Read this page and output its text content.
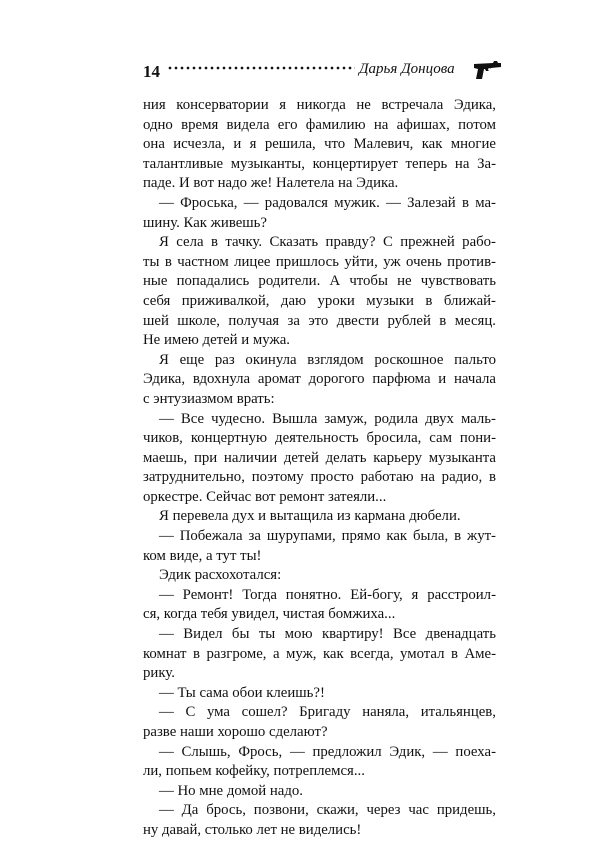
14	Дарья Донцова
ния консерватории я никогда не встречала Эдика,
одно время видела его фамилию на афишах, потом
она исчезла, и я решила, что Малевич, как многие
талантливые музыканты, концертирует теперь на За-
паде. И вот надо же! Налетела на Эдика.
— Фроська, — радовался мужик. — Залезай в ма-
шину. Как живешь?
Я села в тачку. Сказать правду? С прежней рабо-
ты в частном лицее пришлось уйти, уж очень против-
ные попадались родители. А чтобы не чувствовать
себя приживалкой, даю уроки музыки в ближай-
шей школе, получая за это двести рублей в месяц.
Не имею детей и мужа.
Я еще раз окинула взглядом роскошное пальто
Эдика, вдохнула аромат дорогого парфюма и начала
с энтузиазмом врать:
— Все чудесно. Вышла замуж, родила двух маль-
чиков, концертную деятельность бросила, сам пони-
маешь, при наличии детей делать карьеру музыканта
затруднительно, поэтому просто работаю на радио, в
оркестре. Сейчас вот ремонт затеяли...
Я перевела дух и вытащила из кармана дюбели.
— Побежала за шурупами, прямо как была, в жут-
ком виде, а тут ты!
Эдик расхохотался:
— Ремонт! Тогда понятно. Ей-богу, я расстроил-
ся, когда тебя увидел, чистая бомжиха...
— Видел бы ты мою квартиру! Все двенадцать
комнат в разгроме, а муж, как всегда, умотал в Аме-
рику.
— Ты сама обои клеишь?!
— С ума сошел? Бригаду наняла, итальянцев,
разве наши хорошо сделают?
— Слышь, Фрось, — предложил Эдик, — поеха-
ли, попьем кофейку, потреплемся...
— Но мне домой надо.
— Да брось, позвони, скажи, через час придешь,
ну давай, столько лет не виделись!
